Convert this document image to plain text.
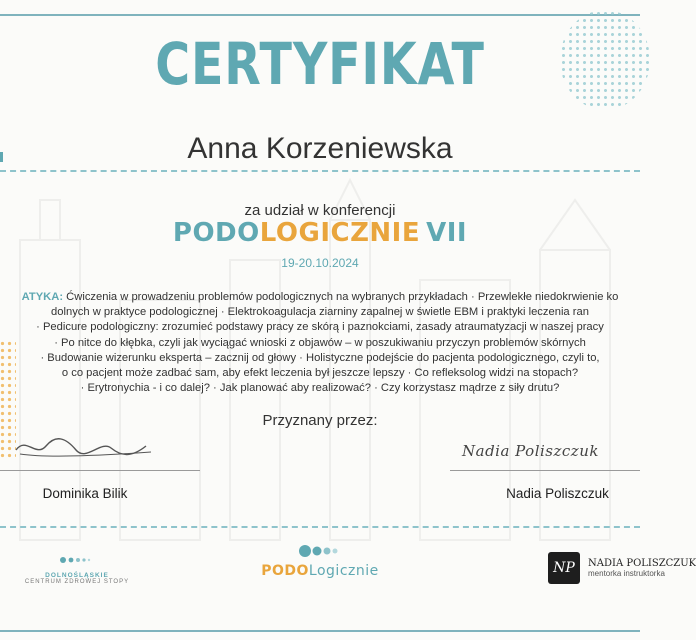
CERTYFIKAT
Anna Korzeniewska
za udział w konferencji
PODOLOGICZNIE VII
19-20.10.2024
ATYKA: Ćwiczenia w prowadzeniu problemów podologicznych na wybranych przykładach · Przewlekłe niedokrwienie ko
dolnych w praktyce podologicznej · Elektrokoagulacja ziarniny zapalnej w świetle EBM i praktyki leczenia ran
· Pedicure podologiczny: zrozumieć podstawy pracy ze skórą i paznokciami, zasady atraumatyzacji w naszej pracy
· Po nitce do kłębka, czyli jak wyciągać wnioski z objawów – w poszukiwaniu przyczyn problemów skórnych
· Budowanie wizerunku eksperta – zacznij od głowy · Holistyczne podejście do pacjenta podologicznego, czyli to,
o co pacjent może zadbać sam, aby efekt leczenia był jeszcze lepszy · Co refleksolog widzi na stopach?
· Erytronychia - i co dalej? · Jak planować aby realizować? · Czy korzystasz mądrze z siły drutu?
Przyznany przez:
Nadia Poliszczuk
Dominika Bilik	Nadia Poliszczuk
DOLNOŚLĄSKIE
CENTRUM ZDROWEJ STOPY
PODOLogicznie	NP	NADIA POLISZCZUK
mentorka instruktorka
